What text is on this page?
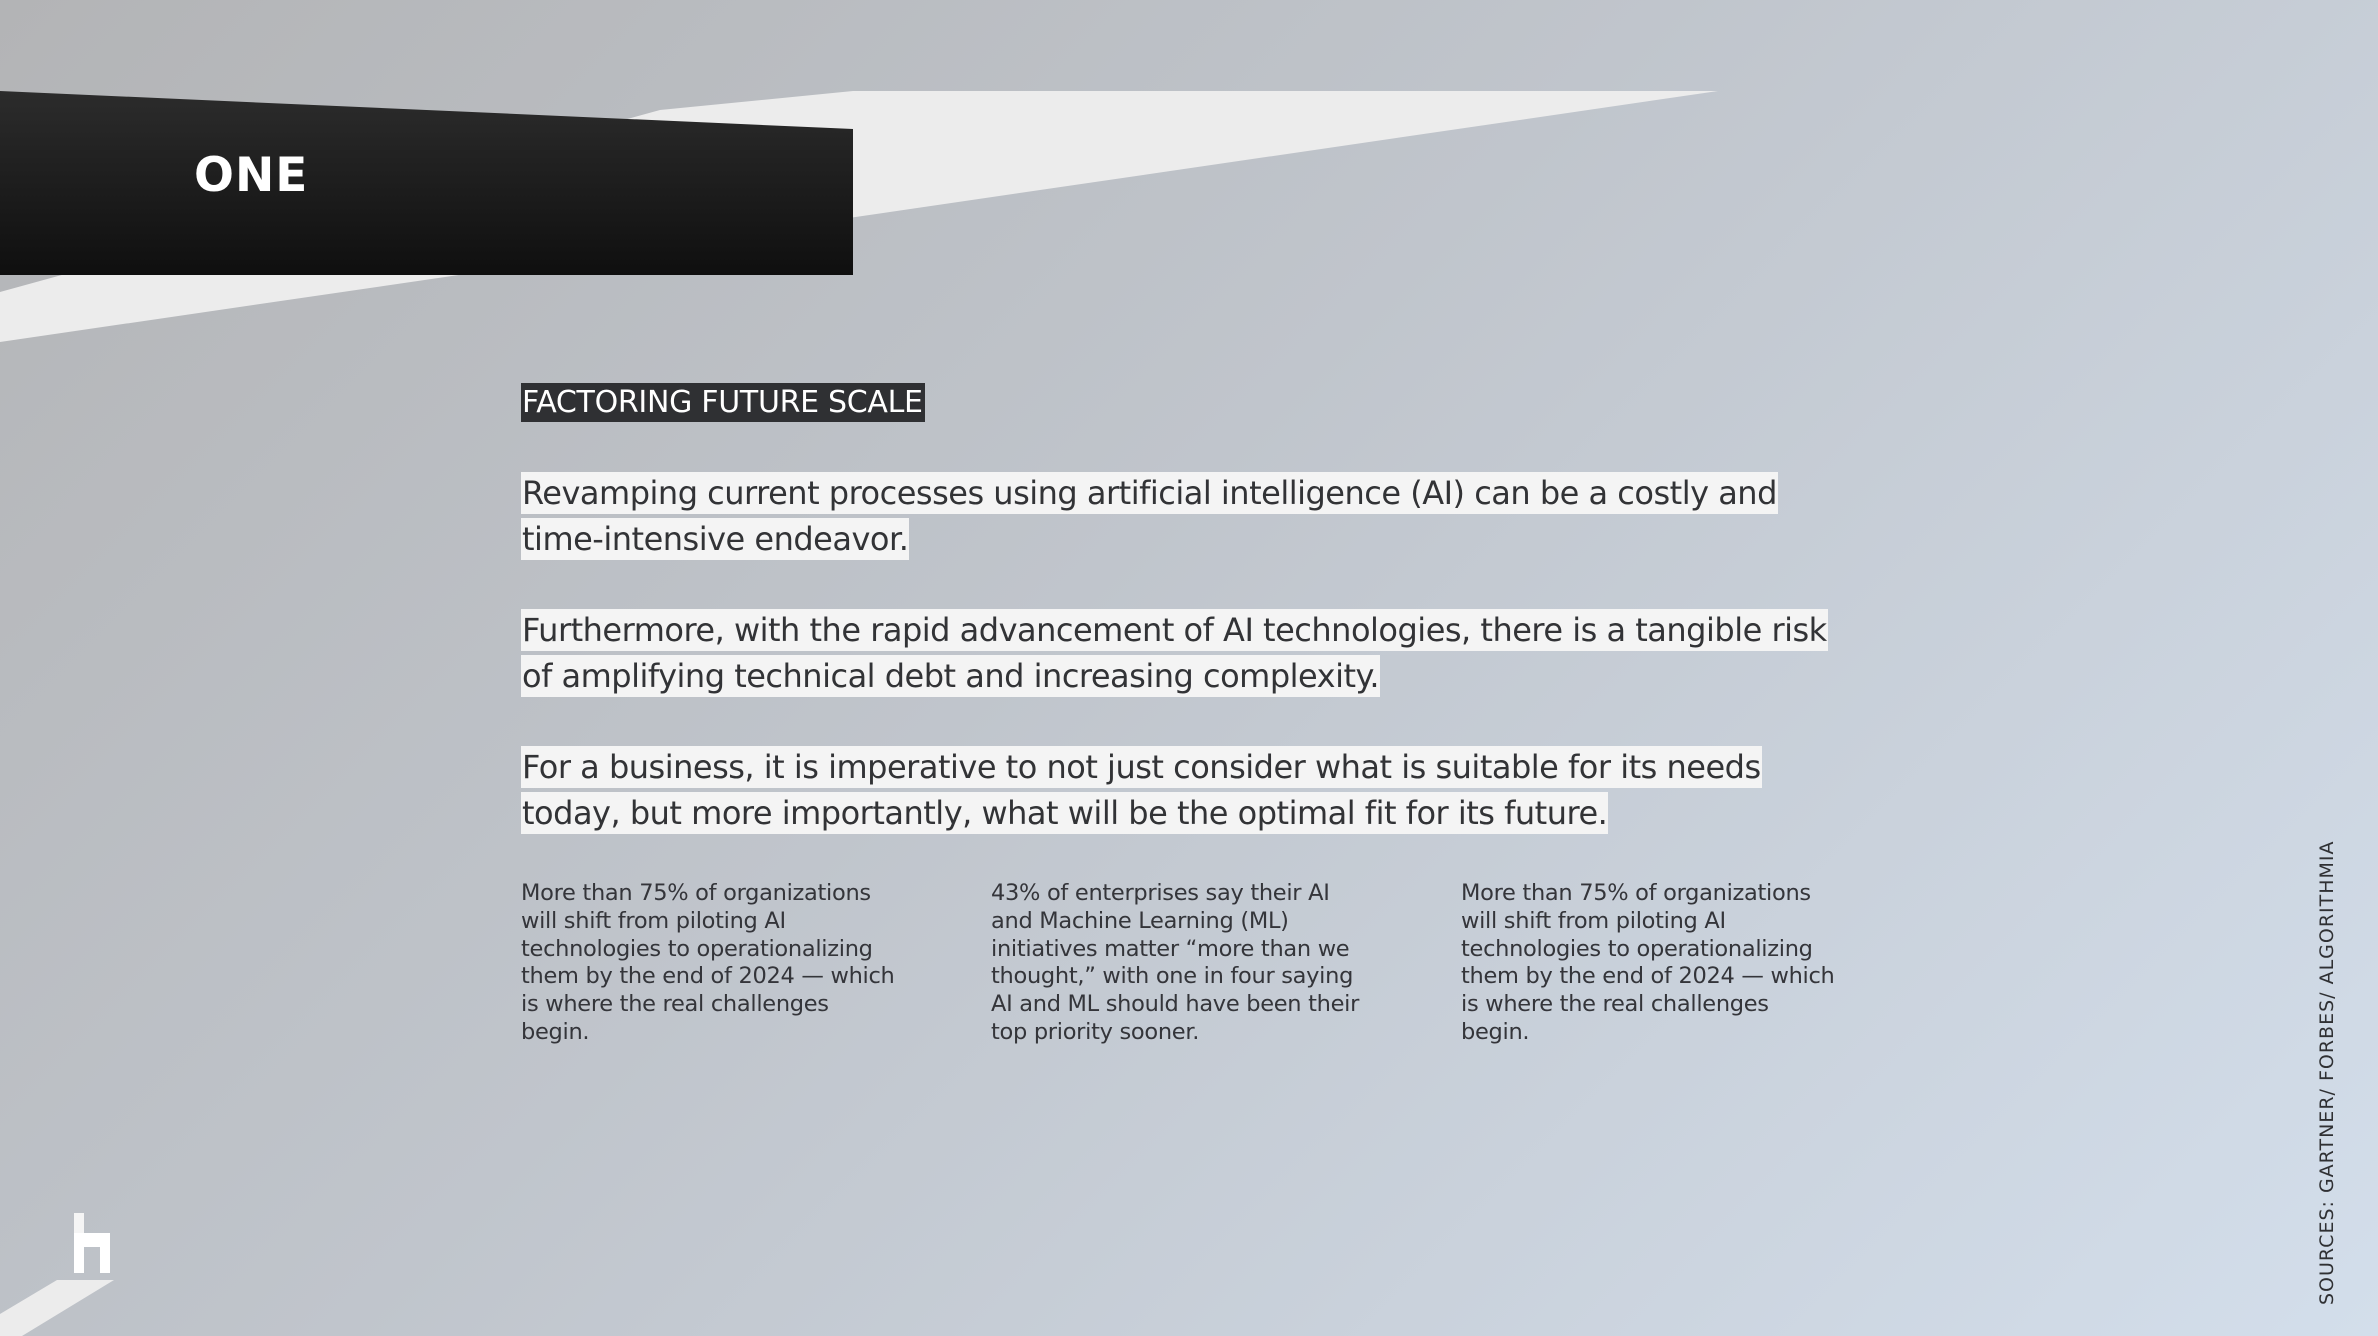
ONE
FACTORING FUTURE SCALE

Revamping current processes using artificial intelligence (AI) can be a costly and time-intensive endeavor.

Furthermore, with the rapid advancement of AI technologies, there is a tangible risk of amplifying technical debt and increasing complexity.

For a business, it is imperative to not just consider what is suitable for its needs today, but more importantly, what will be the optimal fit for its future.

More than 75% of organizations will shift from piloting AI technologies to operationalizing them by the end of 2024 — which is where the real challenges begin.

43% of enterprises say their AI and Machine Learning (ML) initiatives matter “more than we thought,” with one in four saying AI and ML should have been their top priority sooner.

More than 75% of organizations will shift from piloting AI technologies to operationalizing them by the end of 2024 — which is where the real challenges begin.	SOURCES: GARTNER/ FORBES/ ALGORITHMIA
